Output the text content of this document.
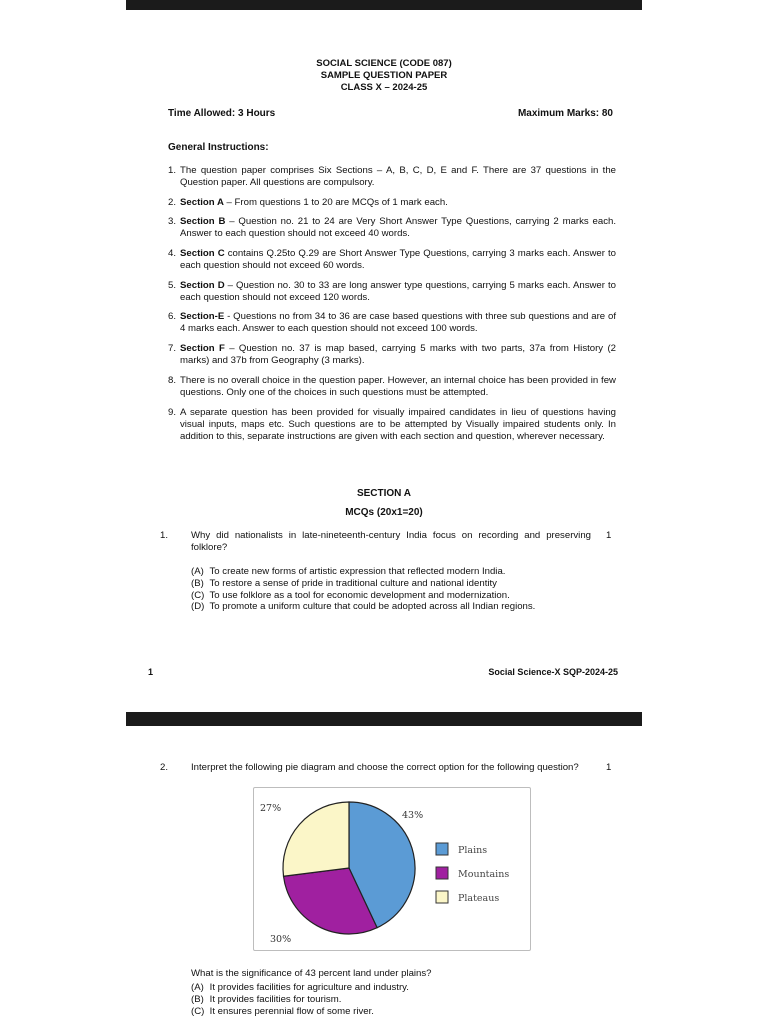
SOCIAL SCIENCE (CODE 087)
SAMPLE QUESTION PAPER
CLASS X – 2024-25
Time Allowed: 3 Hours	Maximum Marks: 80
General Instructions:
1. The question paper comprises Six Sections – A, B, C, D, E and F. There are 37 questions in the Question paper. All questions are compulsory.
2. Section A – From questions 1 to 20 are MCQs of 1 mark each.
3. Section B – Question no. 21 to 24 are Very Short Answer Type Questions, carrying 2 marks each. Answer to each question should not exceed 40 words.
4. Section C contains Q.25to Q.29 are Short Answer Type Questions, carrying 3 marks each. Answer to each question should not exceed 60 words.
5. Section D – Question no. 30 to 33 are long answer type questions, carrying 5 marks each. Answer to each question should not exceed 120 words.
6. Section-E - Questions no from 34 to 36 are case based questions with three sub questions and are of 4 marks each. Answer to each question should not exceed 100 words.
7. Section F – Question no. 37 is map based, carrying 5 marks with two parts, 37a from History (2 marks) and 37b from Geography (3 marks).
8. There is no overall choice in the question paper. However, an internal choice has been provided in few questions. Only one of the choices in such questions must be attempted.
9. A separate question has been provided for visually impaired candidates in lieu of questions having visual inputs, maps etc. Such questions are to be attempted by Visually impaired students only. In addition to this, separate instructions are given with each section and question, wherever necessary.
SECTION A
MCQs (20x1=20)
1. Why did nationalists in late-nineteenth-century India focus on recording and preserving folklore?
1
(A) To create new forms of artistic expression that reflected modern India.
(B) To restore a sense of pride in traditional culture and national identity
(C) To use folklore as a tool for economic development and modernization.
(D) To promote a uniform culture that could be adopted across all Indian regions.
1	Social Science-X SQP-2024-25
2. Interpret the following pie diagram and choose the correct option for the following question?	1
43%
30%
27%
Plains
Mountains
Plateaus
What is the significance of 43 percent land under plains?
(A) It provides facilities for agriculture and industry.
(B) It provides facilities for tourism.
(C) It ensures perennial flow of some river.
